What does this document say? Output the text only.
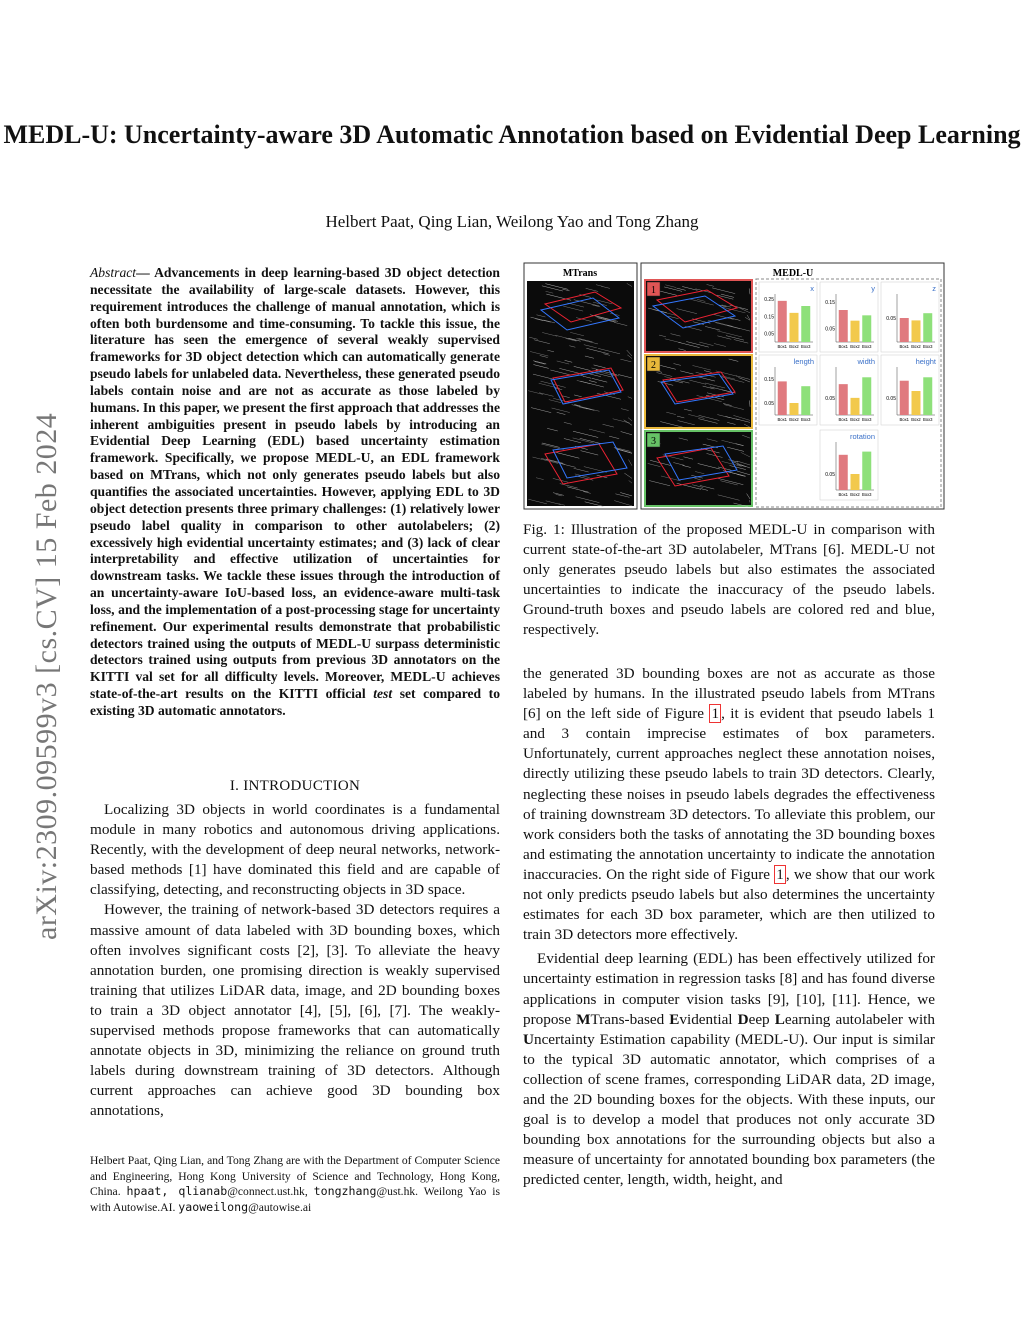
arXiv:2309.09599v3 [cs.CV] 15 Feb 2024
MEDL-U: Uncertainty-aware 3D Automatic Annotation based on Evidential Deep Learning
Helbert Paat, Qing Lian, Weilong Yao and Tong Zhang
Abstract— Advancements in deep learning-based 3D object detection necessitate the availability of large-scale datasets. However, this requirement introduces the challenge of manual annotation, which is often both burdensome and time-consuming. To tackle this issue, the literature has seen the emergence of several weakly supervised frameworks for 3D object detection which can automatically generate pseudo labels for unlabeled data. Nevertheless, these generated pseudo labels contain noise and are not as accurate as those labeled by humans. In this paper, we present the first approach that addresses the inherent ambiguities present in pseudo labels by introducing an Evidential Deep Learning (EDL) based uncertainty estimation framework. Specifically, we propose MEDL-U, an EDL framework based on MTrans, which not only generates pseudo labels but also quantifies the associated uncertainties. However, applying EDL to 3D object detection presents three primary challenges: (1) relatively lower pseudo label quality in comparison to other autolabelers; (2) excessively high evidential uncertainty estimates; and (3) lack of clear interpretability and effective utilization of uncertainties for downstream tasks. We tackle these issues through the introduction of an uncertainty-aware IoU-based loss, an evidence-aware multi-task loss, and the implementation of a post-processing stage for uncertainty refinement. Our experimental results demonstrate that probabilistic detectors trained using the outputs of MEDL-U surpass deterministic detectors trained using outputs from previous 3D annotators on the KITTI val set for all difficulty levels. Moreover, MEDL-U achieves state-of-the-art results on the KITTI official test set compared to existing 3D automatic annotators.
I. INTRODUCTION

Localizing 3D objects in world coordinates is a fundamental module in many robotics and autonomous driving applications. Recently, with the development of deep neural networks, network-based methods [1] have dominated this field and are capable of classifying, detecting, and reconstructing objects in 3D space.

However, the training of network-based 3D detectors requires a massive amount of data labeled with 3D bounding boxes, which often involves significant costs [2], [3]. To alleviate the heavy annotation burden, one promising direction is weakly supervised training that utilizes LiDAR data, image, and 2D bounding boxes to train a 3D object annotator [4], [5], [6], [7]. The weakly-supervised methods propose frameworks that can automatically annotate objects in 3D, minimizing the reliance on ground truth labels during downstream training of 3D detectors. Although current approaches can achieve good 3D bounding box annotations,

Helbert Paat, Qing Lian, and Tong Zhang are with the Department of Computer Science and Engineering, Hong Kong University of Science and Technology, Hong Kong, China. hpaat, qlianab@connect.ust.hk, tongzhang@ust.hk. Weilong Yao is with Autowise.AI. yaoweilong@autowise.ai
MTrans	MEDL-U
1
2
3
x
0.25
0.15
0.05
Box1 Box2 Box3
y
0.15
0.05
Box1 Box2 Box3
z
0.05
Box1 Box2 Box3
length
0.15
0.05
Box1 Box2 Box3
width
0.05
Box1 Box2 Box3
height
0.05
Box1 Box2 Box3
rotation
0.05
Box1 Box2 Box3
Fig. 1: Illustration of the proposed MEDL-U in comparison with current state-of-the-art 3D autolabeler, MTrans [6]. MEDL-U not only generates pseudo labels but also estimates the associated uncertainties to indicate the inaccuracy of the pseudo labels. Ground-truth boxes and pseudo labels are colored red and blue, respectively.

the generated 3D bounding boxes are not as accurate as those labeled by humans. In the illustrated pseudo labels from MTrans [6] on the left side of Figure 1 , it is evident that pseudo labels 1 and 3 contain imprecise estimates of box parameters. Unfortunately, current approaches neglect these annotation noises, directly utilizing these pseudo labels to train 3D detectors. Clearly, neglecting these noises in pseudo labels degrades the effectiveness of training downstream 3D detectors. To alleviate this problem, our work considers both the tasks of annotating the 3D bounding boxes and estimating the annotation uncertainty to indicate the annotation inaccuracies. On the right side of Figure 1 , we show that our work not only predicts pseudo labels but also determines the uncertainty estimates for each 3D box parameter, which are then utilized to train 3D detectors more effectively.

Evidential deep learning (EDL) has been effectively utilized for uncertainty estimation in regression tasks [8] and has found diverse applications in computer vision tasks [9], [10], [11]. Hence, we propose MTrans-based Evidential Deep Learning autolabeler with Uncertainty Estimation capability (MEDL-U). Our input is similar to the typical 3D automatic annotator, which comprises of a collection of scene frames, corresponding LiDAR data, 2D image, and the 2D bounding boxes for the objects. With these inputs, our goal is to develop a model that produces not only accurate 3D bounding box annotations for the surrounding objects but also a measure of uncertainty for annotated bounding box parameters (the predicted center, length, width, height, and
